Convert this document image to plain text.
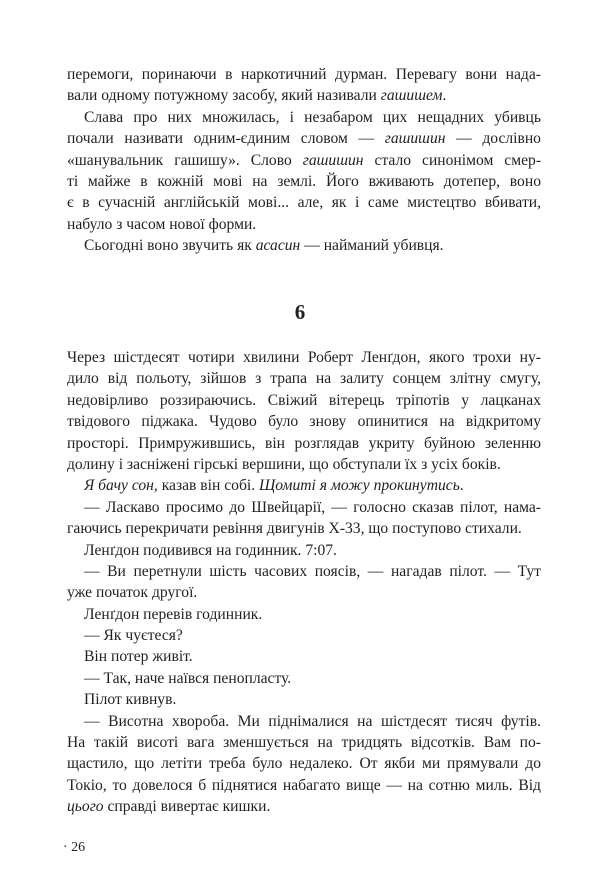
перемоги, поринаючи в наркотичний дурман. Перевагу вони нада-
вали одному потужному засобу, який називали гашишем.
Слава про них множилась, і незабаром цих нещадних убивць
почали називати одним-єдиним словом — гашишин — дослівно
«шанувальник гашишу». Слово гашишин стало синонімом смер-
ті майже в кожній мові на землі. Його вживають дотепер, воно
є в сучасній англійській мові... але, як і саме мистецтво вбивати,
набуло з часом нової форми.
Сьогодні воно звучить як асасин — найманий убивця.
6
Через шістдесят чотири хвилини Роберт Ленґдон, якого трохи ну-
дило від польоту, зійшов з трапа на залиту сонцем злітну смугу,
недовірливо роззираючись. Свіжий вітерець тріпотів у лацканах
твідового піджака. Чудово було знову опинитися на відкритому
просторі. Примружившись, він розглядав укриту буйною зеленню
долину і засніжені гірські вершини, що обступали їх з усіх боків.
Я бачу сон, казав він собі. Щомиті я можу прокинутись.
— Ласкаво просимо до Швейцарії, — голосно сказав пілот, нама-
гаючись перекричати ревіння двигунів Х-33, що поступово стихали.
Ленґдон подивився на годинник. 7:07.
— Ви перетнули шість часових поясів, — нагадав пілот. — Тут
уже початок другої.
Ленґдон перевів годинник.
— Як чуєтеся?
Він потер живіт.
— Так, наче наївся пенопласту.
Пілот кивнув.
— Висотна хвороба. Ми піднімалися на шістдесят тисяч футів.
На такій висоті вага зменшується на тридцять відсотків. Вам по-
щастило, що летіти треба було недалеко. От якби ми прямували до
Токіо, то довелося б піднятися набагато вище — на сотню миль. Від
цього справді вивертає кишки.
· 26
